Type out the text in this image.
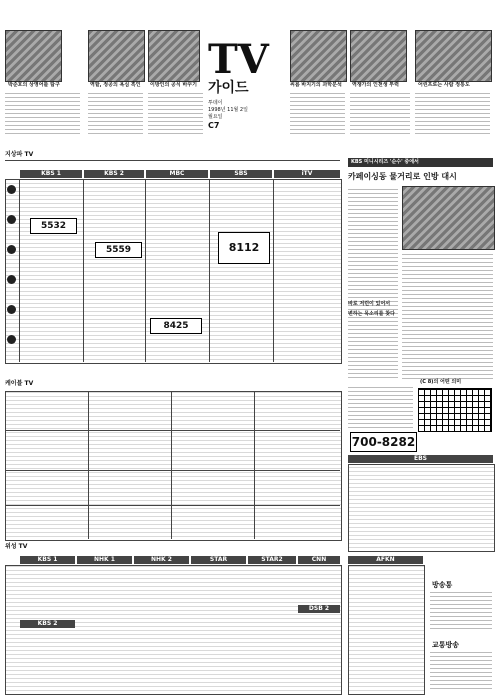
TV
가이드
투데이
1998년 11월 2일
월요일
C7
박준호의 상영어를 탐구	역할, 정공의 욕심 흑인 이방인의 공식 바꾸기	씨름 바지기의 과학분석 역쟁가의 인천생 투력	어린프로는 사람 정통도
지상파 TV
KBS 1	KBS 2	MBC	SBS	iTV
5532
5559	8112
8425
KBS 미니시리즈 '순수' 중에서
카페이싱동 물거리로 인방 대시
바로 저런이 있어서
변하는 목소리를 찾다
(C 8)의 어떤 의미
700-8282
케이블 TV
EBS
위성 TV
KBS 1	NHK 1	NHK 2	STAR	STAR2	CNN
KBS 2
DSB 2
AFKN
방송통
교통방송
